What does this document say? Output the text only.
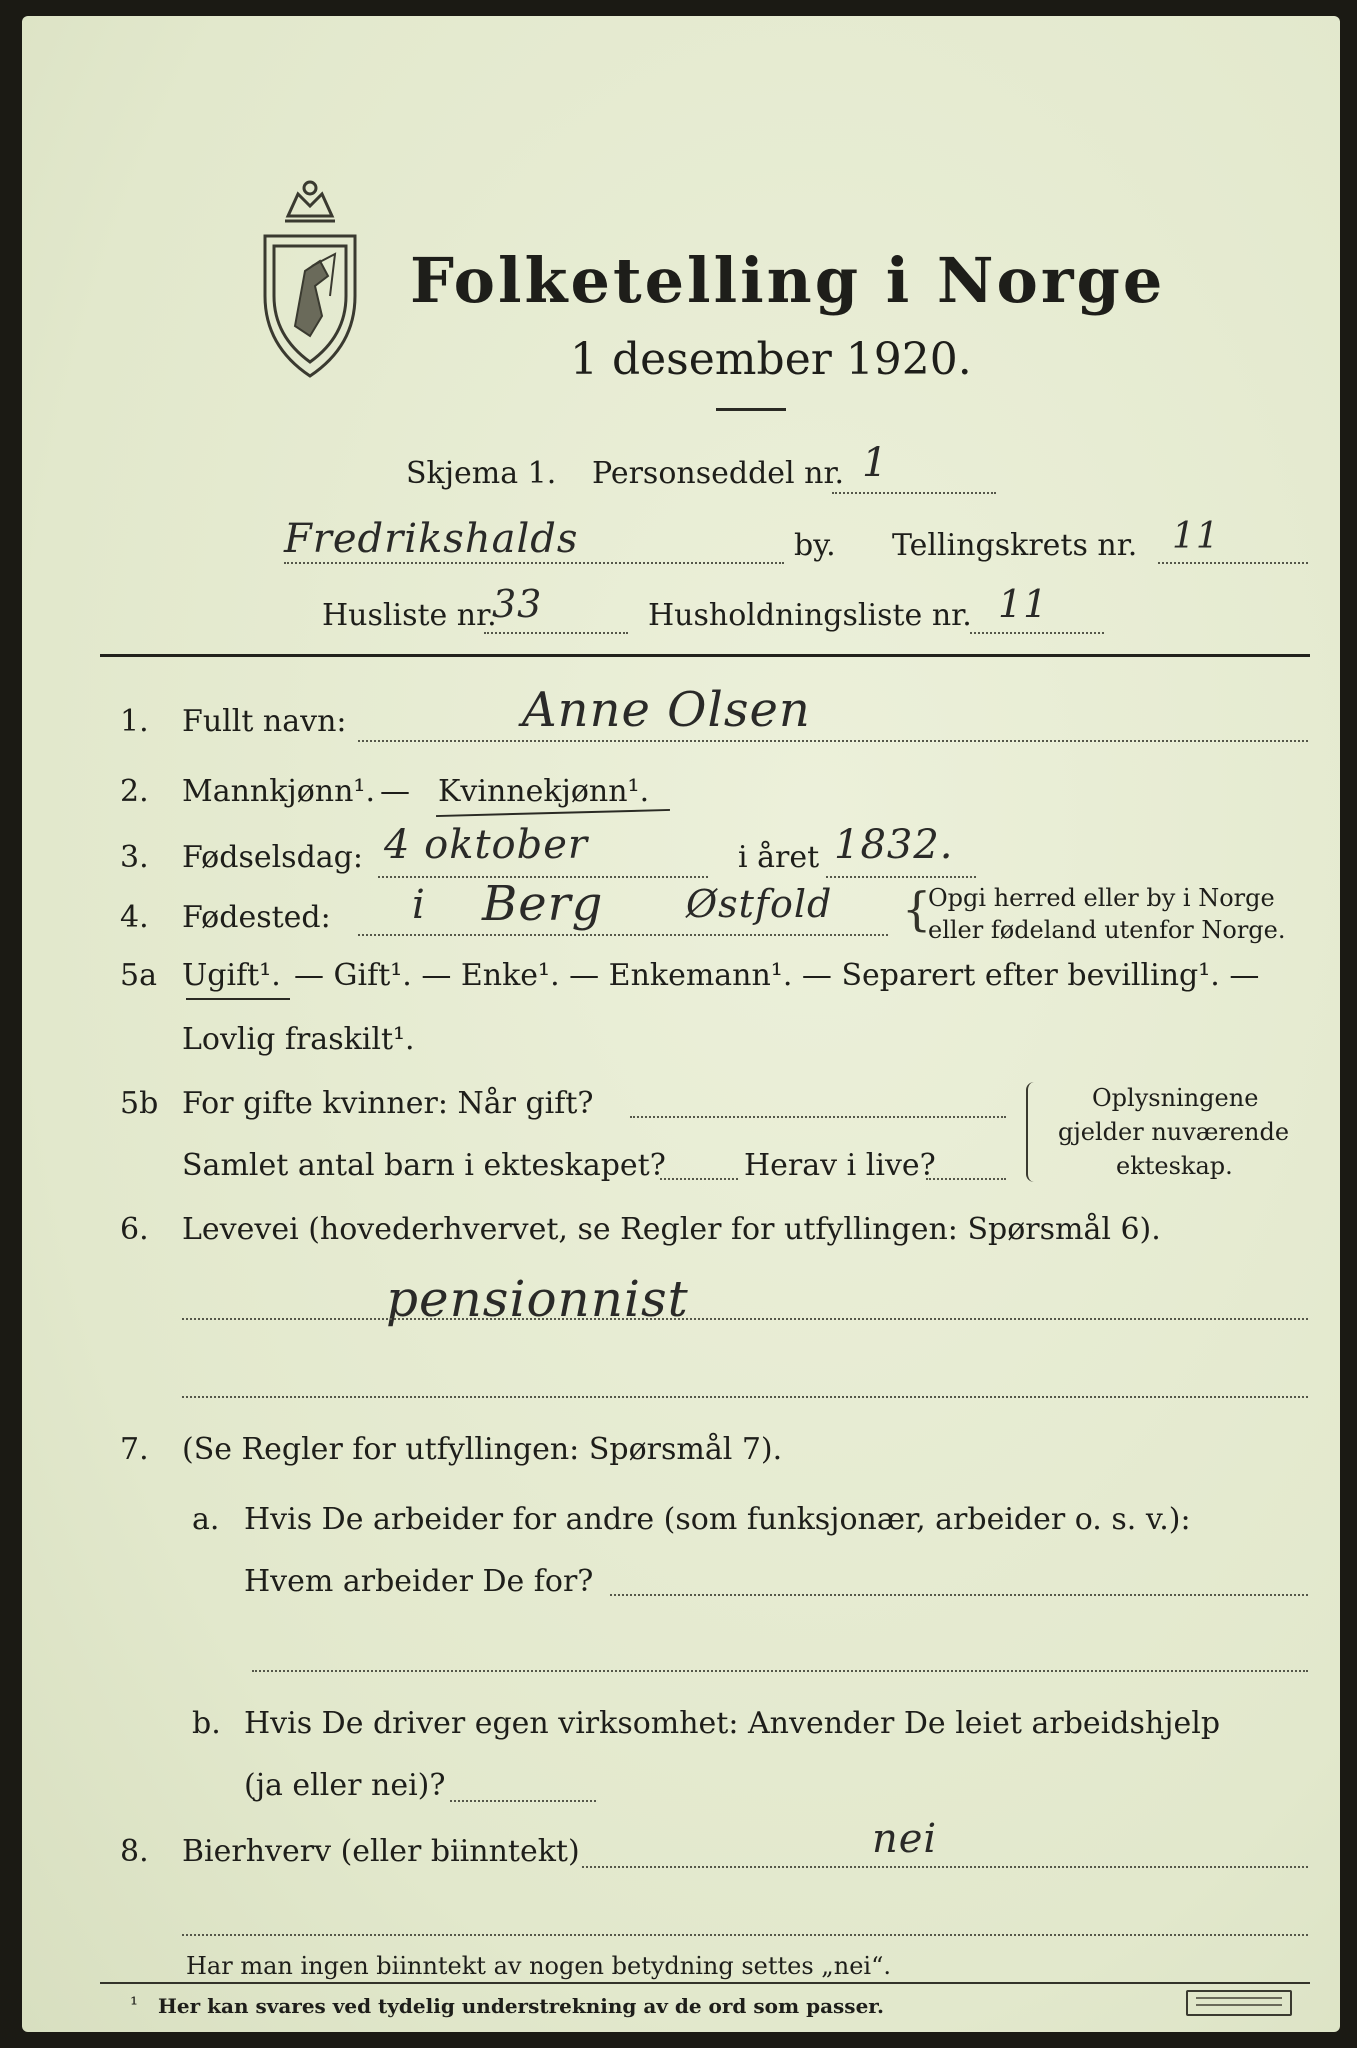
Folketelling i Norge
1 desember 1920.
Skjema 1. Personseddel nr. 1
Fredrikshalds	by. Tellingskrets nr. 11
Husliste nr.
33	Husholdningsliste nr. 11
1. Fullt navn:	Anne Olsen
2. Mannkjønn¹. — Kvinnekjønn¹.
3. Fødselsdag: 4 oktober	i året 1832.
4. Fødested: i Berg Østfold {
Opgi herred eller by i Norge
eller fødeland utenfor Norge.
5a Ugift¹. — Gift¹. — Enke¹. — Enkemann¹. — Separert efter bevilling¹. —
Lovlig fraskilt¹.
5b For gifte kvinner: Når gift?
Samlet antal barn i ekteskapet?	Herav i live?
Oplysningene
gjelder nuværende
ekteskap.
6. Levevei (hovederhvervet, se Regler for utfyllingen: Spørsmål 6).
pensionnist
7. (Se Regler for utfyllingen: Spørsmål 7).
a. Hvis De arbeider for andre (som funksjonær, arbeider o. s. v.):
Hvem arbeider De for?
b. Hvis De driver egen virksomhet: Anvender De leiet arbeidshjelp
(ja eller nei)?
8. Bierhverv (eller biinntekt)	nei
Har man ingen biinntekt av nogen betydning settes „nei“.
¹ Her kan svares ved tydelig understrekning av de ord som passer.
